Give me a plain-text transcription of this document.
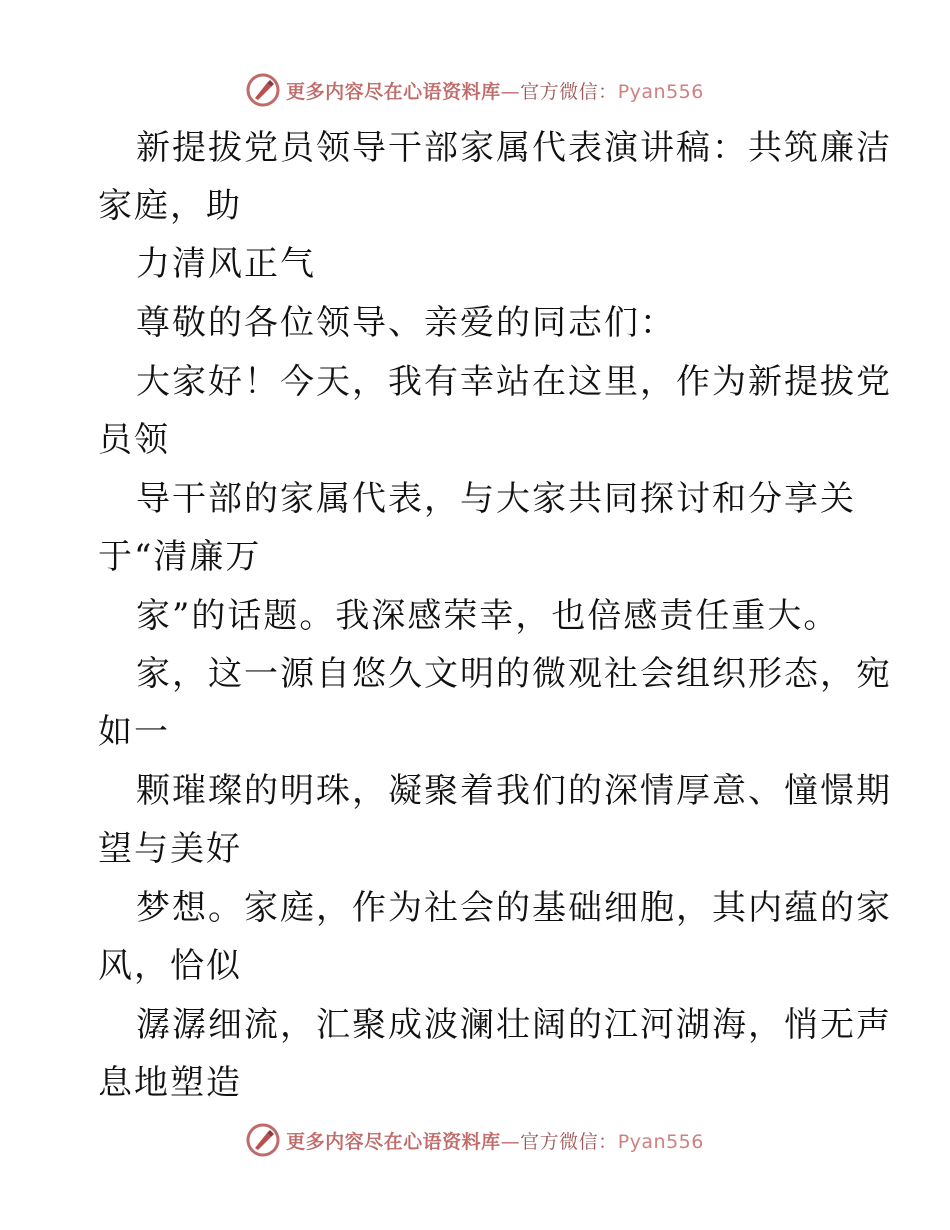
更多内容尽在心语资料库—官方微信：Pyan556
新提拔党员领导干部家属代表演讲稿：共筑廉洁
家庭，助
力清风正气
尊敬的各位领导、亲爱的同志们：
大家好！今天，我有幸站在这里，作为新提拔党
员领
导干部的家属代表，与大家共同探讨和分享关
于“清廉万
家”的话题。我深感荣幸，也倍感责任重大。
家，这一源自悠久文明的微观社会组织形态，宛
如一
颗璀璨的明珠，凝聚着我们的深情厚意、憧憬期
望与美好
梦想。家庭，作为社会的基础细胞，其内蕴的家
风，恰似
潺潺细流，汇聚成波澜壮阔的江河湖海，悄无声
息地塑造
更多内容尽在心语资料库—官方微信：Pyan556
